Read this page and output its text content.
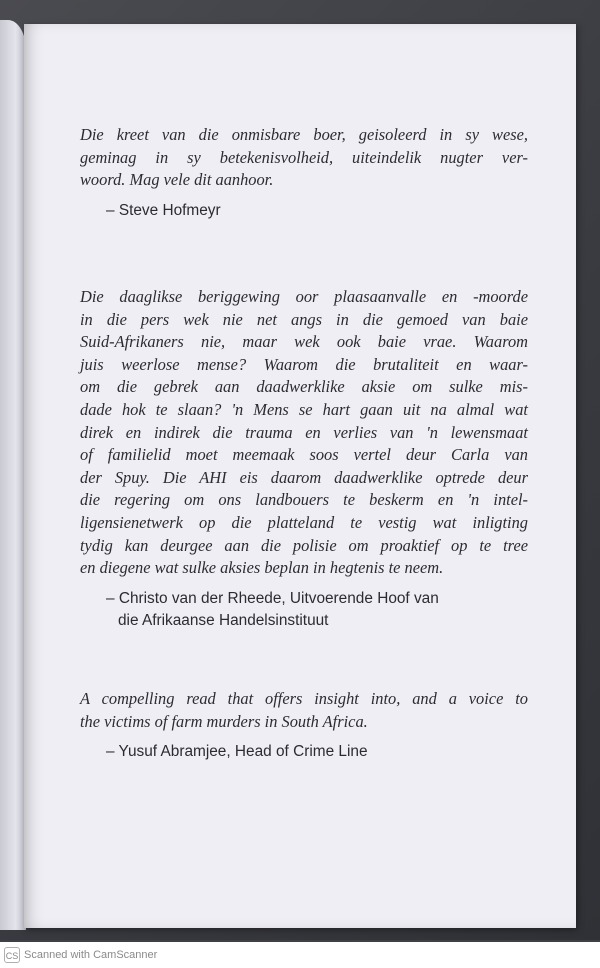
Die kreet van die onmisbare boer, geisoleerd in sy wese,
geminag in sy betekenisvolheid, uiteindelik nugter ver-
woord. Mag vele dit aanhoor.

– Steve Hofmeyr

Die daaglikse beriggewing oor plaasaanvalle en -moorde
in die pers wek nie net angs in die gemoed van baie
Suid-Afrikaners nie, maar wek ook baie vrae. Waarom
juis weerlose mense? Waarom die brutaliteit en waar-
om die gebrek aan daadwerklike aksie om sulke mis-
dade hok te slaan? 'n Mens se hart gaan uit na almal wat
direk en indirek die trauma en verlies van 'n lewensmaat
of familielid moet meemaak soos vertel deur Carla van
der Spuy. Die AHI eis daarom daadwerklike optrede deur
die regering om ons landbouers te beskerm en 'n intel-
ligensienetwerk op die platteland te vestig wat inligting
tydig kan deurgee aan die polisie om proaktief op te tree
en diegene wat sulke aksies beplan in hegtenis te neem.

– Christo van der Rheede, Uitvoerende Hoof van
die Afrikaanse Handelsinstituut

A compelling read that offers insight into, and a voice to
the victims of farm murders in South Africa.

– Yusuf Abramjee, Head of Crime Line
CS Scanned with CamScanner
